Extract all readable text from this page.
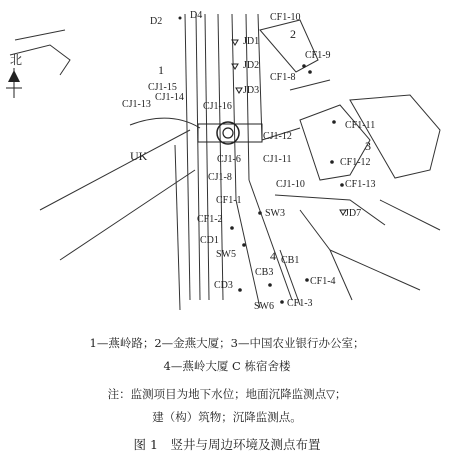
北
1
2
3
4
UK
D2
D4
JD1
JD2
JD3
CF1-10
CF1-9
CF1-8
CF1-11
CF1-12
CF1-13
CJ1-15
CJ1-14
CJ1-13	CJ1-16
CJ1-12
CJ1-11
CJ1-10
CJ1-6
CJ1-8
CF1-1
SW3	JD7
CF1-2
CD1
SW5
CB1
CB3
CD3	CF1-4
SW6 CF1-3

1—燕岭路；2—金燕大厦；3—中国农业银行办公室；

4—燕岭大厦 C 栋宿舍楼

注：监测项目为地下水位；地面沉降监测点▽；

建（构）筑物；沉降监测点。

图 1　竖井与周边环境及测点布置
